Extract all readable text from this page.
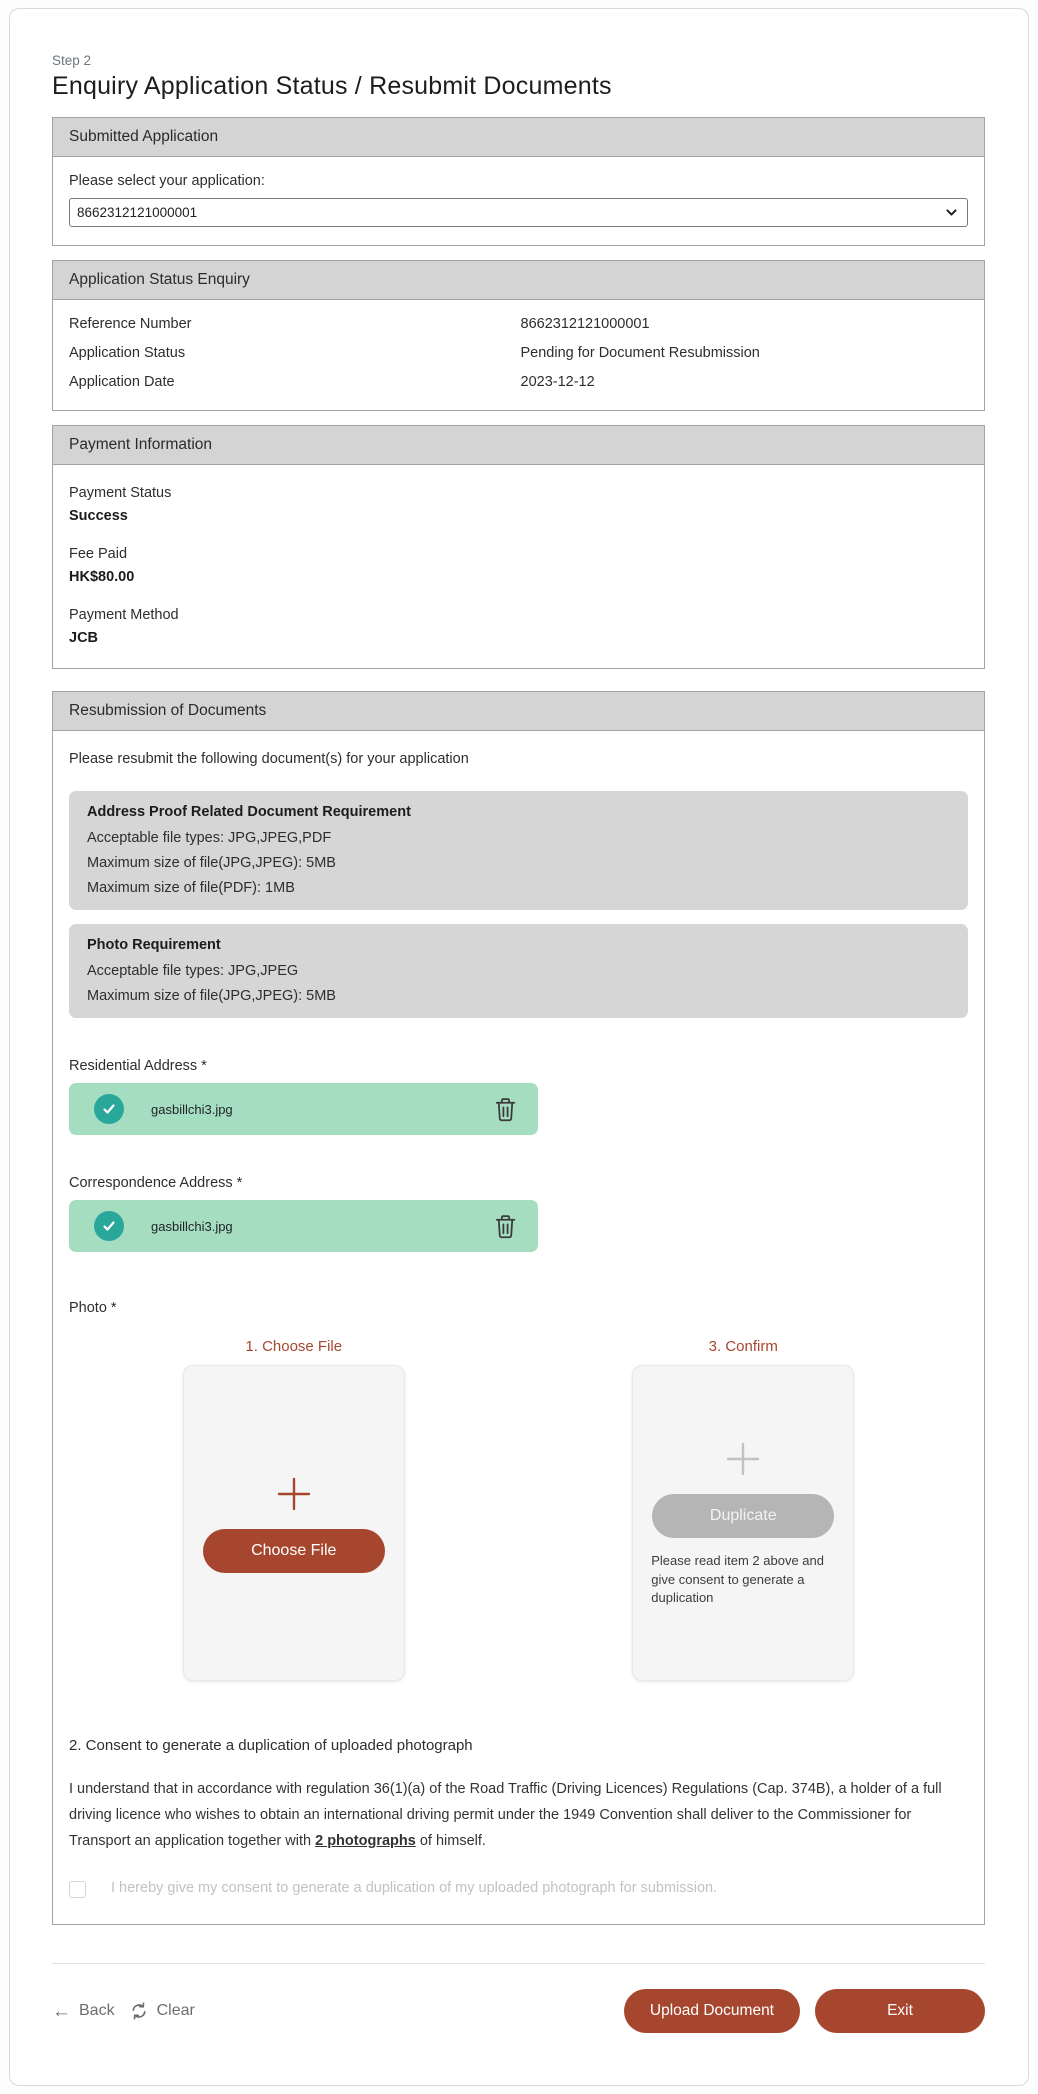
Step 2
Enquiry Application Status / Resubmit Documents
Submitted Application
Please select your application:
8662312121000001
Application Status Enquiry
Reference Number	8662312121000001
Application Status	Pending for Document Resubmission
Application Date	2023-12-12
Payment Information
Payment Status
Success
Fee Paid
HK$80.00
Payment Method
JCB
Resubmission of Documents
Please resubmit the following document(s) for your application
Address Proof Related Document Requirement
Acceptable file types: JPG,JPEG,PDF
Maximum size of file(JPG,JPEG): 5MB
Maximum size of file(PDF): 1MB
Photo Requirement
Acceptable file types: JPG,JPEG
Maximum size of file(JPG,JPEG): 5MB
Residential Address *
gasbillchi3.jpg
Correspondence Address *
gasbillchi3.jpg
Photo *
1. Choose File
Choose File
3. Confirm
Duplicate
Please read item 2 above and give consent to generate a duplication
2. Consent to generate a duplication of uploaded photograph

I understand that in accordance with regulation 36(1)(a) of the Road Traffic (Driving Licences) Regulations (Cap. 374B), a holder of a full driving licence who wishes to obtain an international driving permit under the 1949 Convention shall deliver to the Commissioner for Transport an application together with 2 photographs of himself.

I hereby give my consent to generate a duplication of my uploaded photograph for submission.
← Back	Clear	Upload Document	Exit
